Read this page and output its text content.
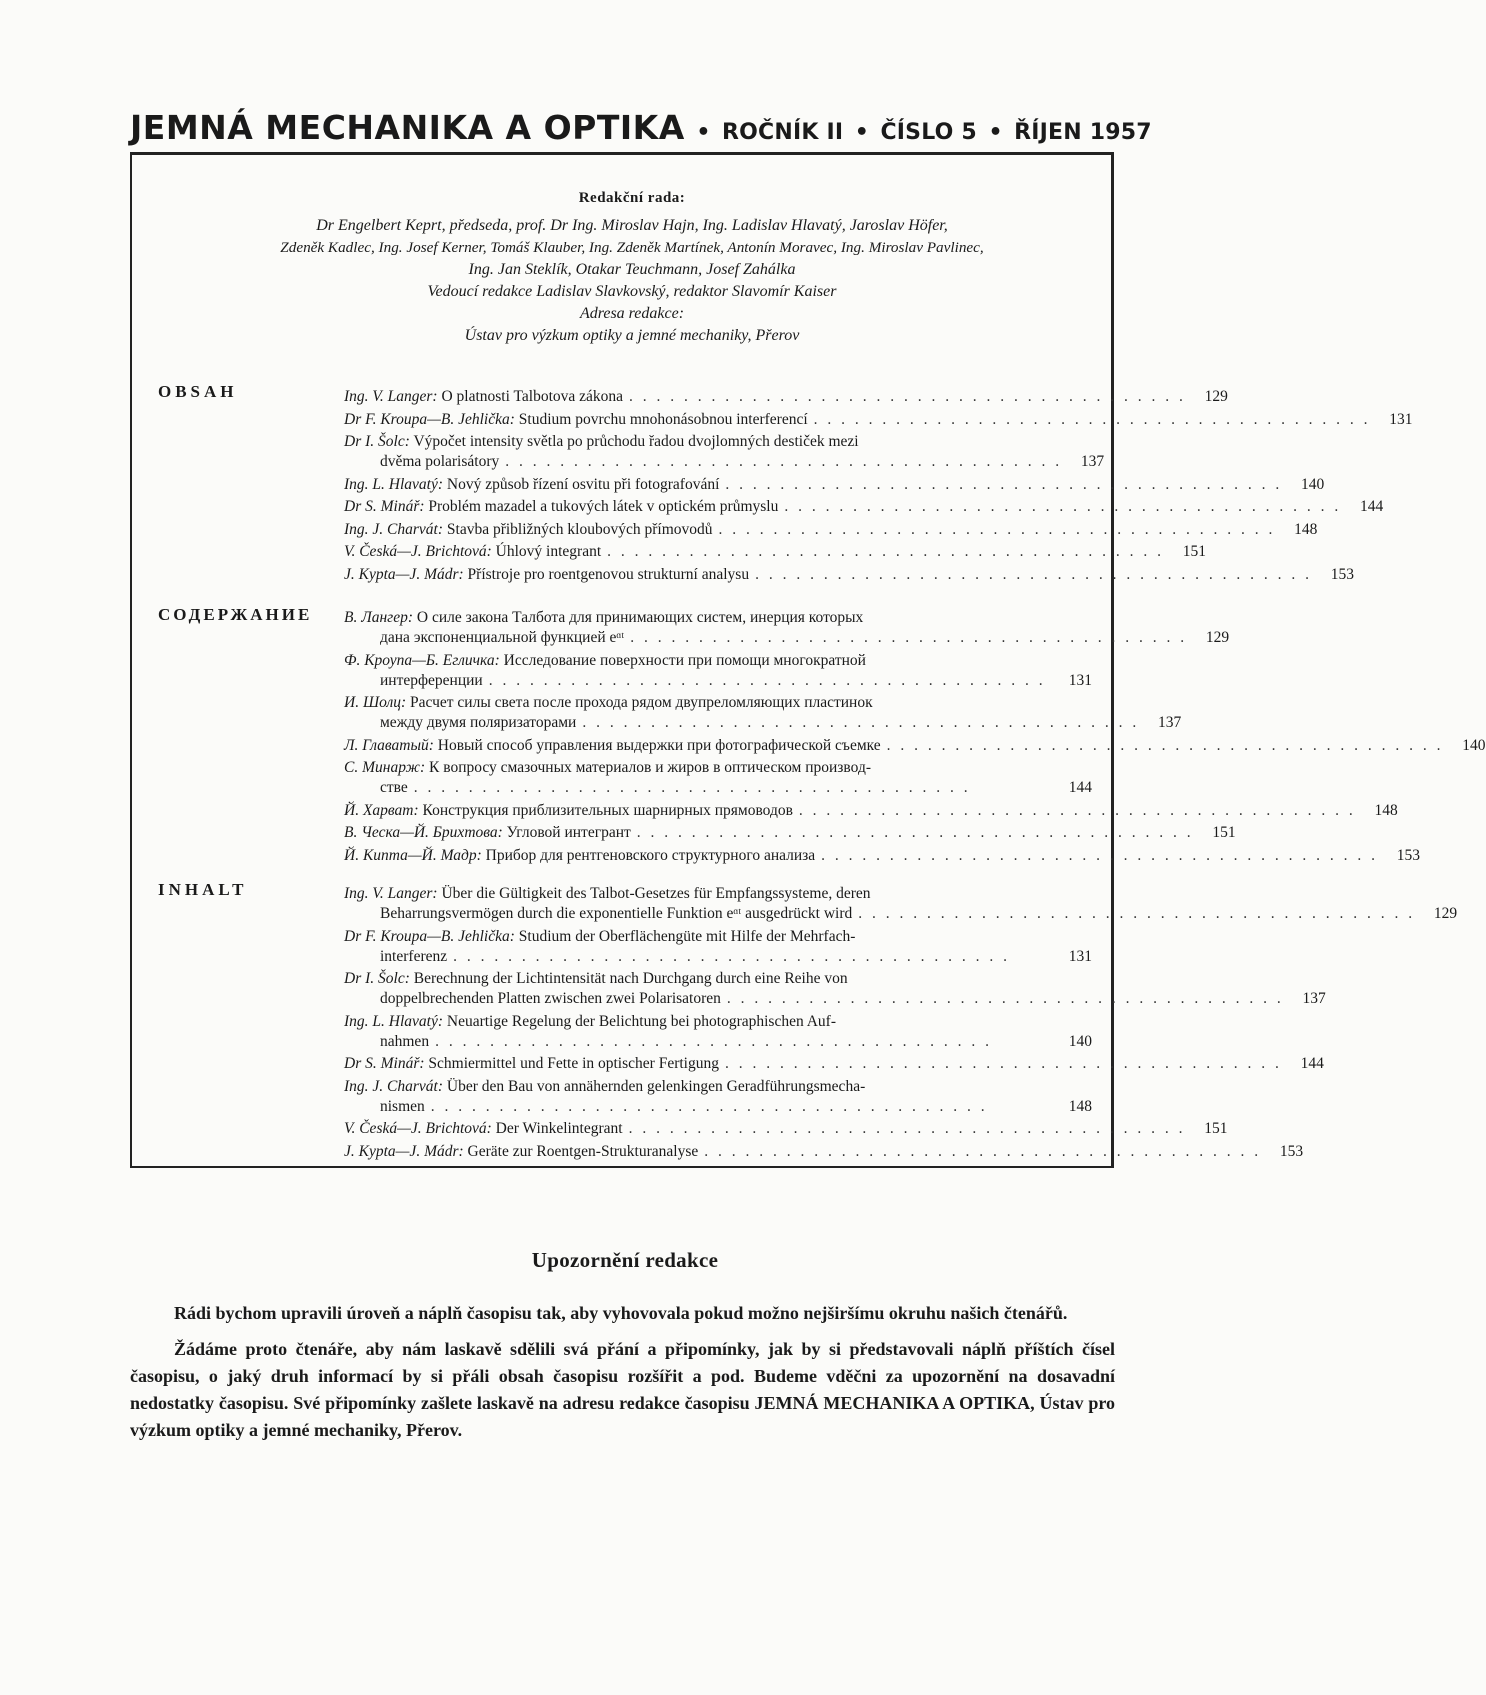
JEMNÁ MECHANIKA A OPTIKA • ROČNÍK II • ČÍSLO 5 • ŘÍJEN 1957
Redakční rada:
Dr Engelbert Keprt, předseda, prof. Dr Ing. Miroslav Hajn, Ing. Ladislav Hlavatý, Jaroslav Höfer,
Zdeněk Kadlec, Ing. Josef Kerner, Tomáš Klauber, Ing. Zdeněk Martínek, Antonín Moravec, Ing. Miroslav Pavlinec,
Ing. Jan Steklík, Otakar Teuchmann, Josef Zahálka
Vedoucí redakce Ladislav Slavkovský, redaktor Slavomír Kaiser
Adresa redakce:
Ústav pro výzkum optiky a jemné mechaniky, Přerov
OBSAH	Ing. V. Langer: O platnosti Talbotova zákona . . . . . . . . . . . . . . . . . . . . . . . . . . . . . . . . . . . . . . . . .	129
Dr F. Kroupa—B. Jehlička: Studium povrchu mnohonásobnou interferencí . . . . . . . . . . . . . . . . . . . . . . . . . . . . . . . . . . . . . . . . .	131
Dr I. Šolc: Výpočet intensity světla po průchodu řadou dvojlomných destiček mezi
dvěma polarisátory . . . . . . . . . . . . . . . . . . . . . . . . . . . . . . . . . . . . . . . . .	137
Ing. L. Hlavatý: Nový způsob řízení osvitu při fotografování . . . . . . . . . . . . . . . . . . . . . . . . . . . . . . . . . . . . . . . . .	140
Dr S. Minář: Problém mazadel a tukových látek v optickém průmyslu . . . . . . . . . . . . . . . . . . . . . . . . . . . . . . . . . . . . . . . . .	144
Ing. J. Charvát: Stavba přibližných kloubových přímovodů . . . . . . . . . . . . . . . . . . . . . . . . . . . . . . . . . . . . . . . . .	148
V. Česká—J. Brichtová: Úhlový integrant . . . . . . . . . . . . . . . . . . . . . . . . . . . . . . . . . . . . . . . . .	151
J. Kypta—J. Mádr: Přístroje pro roentgenovou strukturní analysu . . . . . . . . . . . . . . . . . . . . . . . . . . . . . . . . . . . . . . . . .	153
СОДЕРЖАНИЕ В. Лангер: О силе закона Талбота для принимающих систем, инерция которых
дана экспоненциальной функцией eᵅᵗ . . . . . . . . . . . . . . . . . . . . . . . . . . . . . . . . . . . . . . . . .	129
Ф. Кроупа—Б. Егличка: Исследование поверхности при помощи многократной
интерференции . . . . . . . . . . . . . . . . . . . . . . . . . . . . . . . . . . . . . . . . .	131
И. Шолц: Расчет силы света после прохода рядом двупреломляющих пластинок
между двумя поляризаторами . . . . . . . . . . . . . . . . . . . . . . . . . . . . . . . . . . . . . . . . .	137
Л. Главатый: Новый способ управления выдержки при фотографической съемке . . . . . . . . . . . . . . . . . . . . . . . . . . . . . . . . . . . . . . . . .	140
С. Минарж: К вопросу смазочных материалов и жиров в оптическом производ-
стве . . . . . . . . . . . . . . . . . . . . . . . . . . . . . . . . . . . . . . . . .	144
Й. Харват: Конструкция приблизительных шарнирных прямоводов . . . . . . . . . . . . . . . . . . . . . . . . . . . . . . . . . . . . . . . . .	148
В. Ческа—Й. Брихтова: Угловой интегрант . . . . . . . . . . . . . . . . . . . . . . . . . . . . . . . . . . . . . . . . .	151
Й. Кипта—Й. Мадр: Прибор для рентгеновского структурного анализа . . . . . . . . . . . . . . . . . . . . . . . . . . . . . . . . . . . . . . . . .	153
INHALT	Ing. V. Langer: Über die Gültigkeit des Talbot-Gesetzes für Empfangssysteme, deren
Beharrungsvermögen durch die exponentielle Funktion eᵅᵗ ausgedrückt wird . . . . . . . . . . . . . . . . . . . . . . . . . . . . . . . . . . . . . . . . .	129
Dr F. Kroupa—B. Jehlička: Studium der Oberflächengüte mit Hilfe der Mehrfach-
interferenz . . . . . . . . . . . . . . . . . . . . . . . . . . . . . . . . . . . . . . . . .	131
Dr I. Šolc: Berechnung der Lichtintensität nach Durchgang durch eine Reihe von
doppelbrechenden Platten zwischen zwei Polarisatoren . . . . . . . . . . . . . . . . . . . . . . . . . . . . . . . . . . . . . . . . .	137
Ing. L. Hlavatý: Neuartige Regelung der Belichtung bei photographischen Auf-
nahmen . . . . . . . . . . . . . . . . . . . . . . . . . . . . . . . . . . . . . . . . .	140
Dr S. Minář: Schmiermittel und Fette in optischer Fertigung . . . . . . . . . . . . . . . . . . . . . . . . . . . . . . . . . . . . . . . . .	144
Ing. J. Charvát: Über den Bau von annähernden gelenkingen Geradführungsmecha-
nismen . . . . . . . . . . . . . . . . . . . . . . . . . . . . . . . . . . . . . . . . .	148
V. Česká—J. Brichtová: Der Winkelintegrant . . . . . . . . . . . . . . . . . . . . . . . . . . . . . . . . . . . . . . . . .	151
J. Kypta—J. Mádr: Geräte zur Roentgen-Strukturanalyse . . . . . . . . . . . . . . . . . . . . . . . . . . . . . . . . . . . . . . . . .	153
Upozornění redakce

Rádi bychom upravili úroveň a náplň časopisu tak, aby vyhovovala pokud možno nejširšímu okruhu našich čtenářů.

Žádáme proto čtenáře, aby nám laskavě sdělili svá přání a připomínky, jak by si představovali náplň příštích čísel časopisu, o jaký druh informací by si přáli obsah časopisu rozšířit a pod. Budeme vděčni za upozornění na dosavadní nedostatky časopisu. Své připomínky zašlete laskavě na adresu redakce časopisu JEMNÁ MECHANIKA A OPTIKA, Ústav pro výzkum optiky a jemné mechaniky, Přerov.
